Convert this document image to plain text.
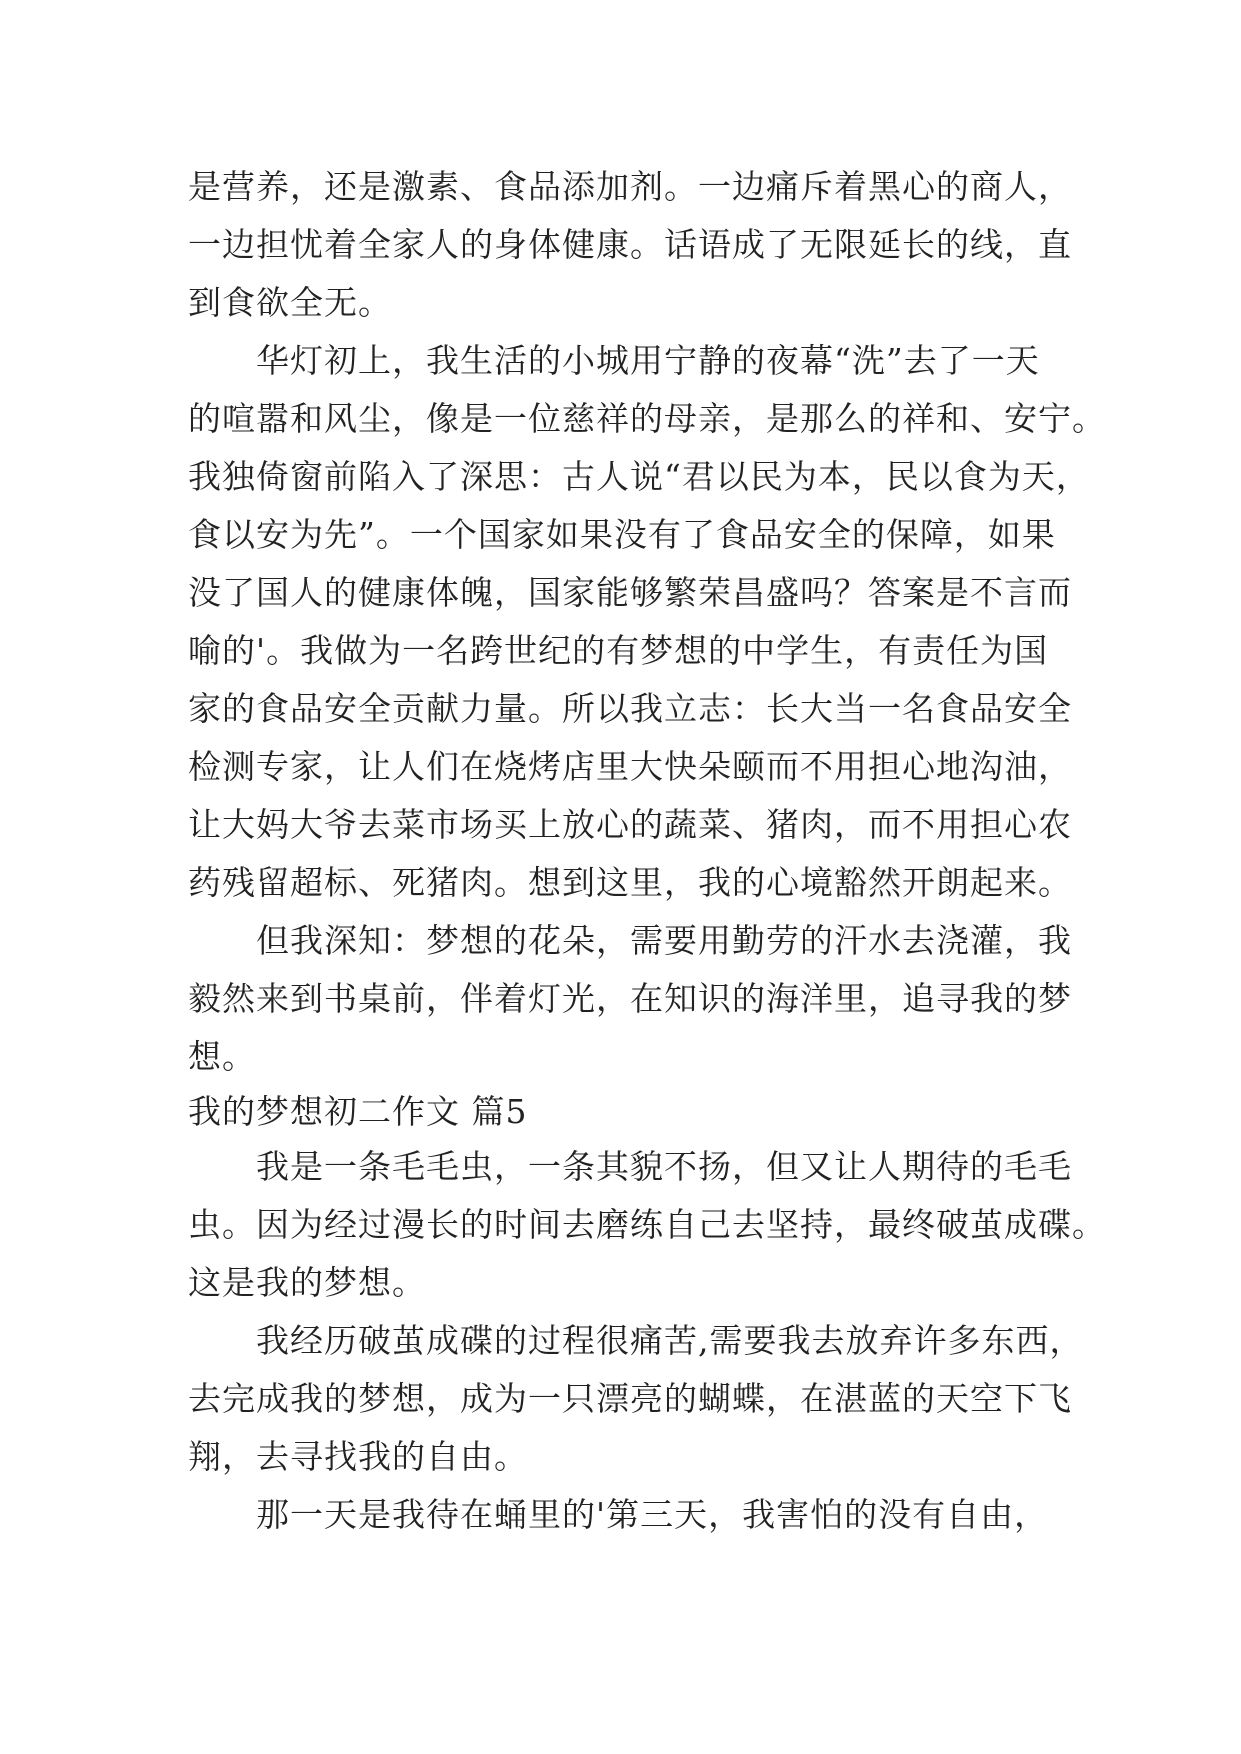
是营养，还是激素、食品添加剂。一边痛斥着黑心的商人，
一边担忧着全家人的身体健康。话语成了无限延长的线，直
到食欲全无。
　　华灯初上，我生活的小城用宁静的夜幕“洗”去了一天
的喧嚣和风尘，像是一位慈祥的母亲，是那么的祥和、安宁。
我独倚窗前陷入了深思：古人说“君以民为本，民以食为天，
食以安为先”。一个国家如果没有了食品安全的保障，如果
没了国人的健康体魄，国家能够繁荣昌盛吗？答案是不言而
喻的'。我做为一名跨世纪的有梦想的中学生，有责任为国
家的食品安全贡献力量。所以我立志：长大当一名食品安全
检测专家，让人们在烧烤店里大快朵颐而不用担心地沟油，
让大妈大爷去菜市场买上放心的蔬菜、猪肉，而不用担心农
药残留超标、死猪肉。想到这里，我的心境豁然开朗起来。
　　但我深知：梦想的花朵，需要用勤劳的汗水去浇灌，我
毅然来到书桌前，伴着灯光，在知识的海洋里，追寻我的梦
想。
我的梦想初二作文 篇5
　　我是一条毛毛虫，一条其貌不扬，但又让人期待的毛毛
虫。因为经过漫长的时间去磨练自己去坚持，最终破茧成碟。
这是我的梦想。
　　我经历破茧成碟的过程很痛苦,需要我去放弃许多东西，
去完成我的梦想，成为一只漂亮的蝴蝶，在湛蓝的天空下飞
翔，去寻找我的自由。
　　那一天是我待在蛹里的'第三天，我害怕的没有自由，
